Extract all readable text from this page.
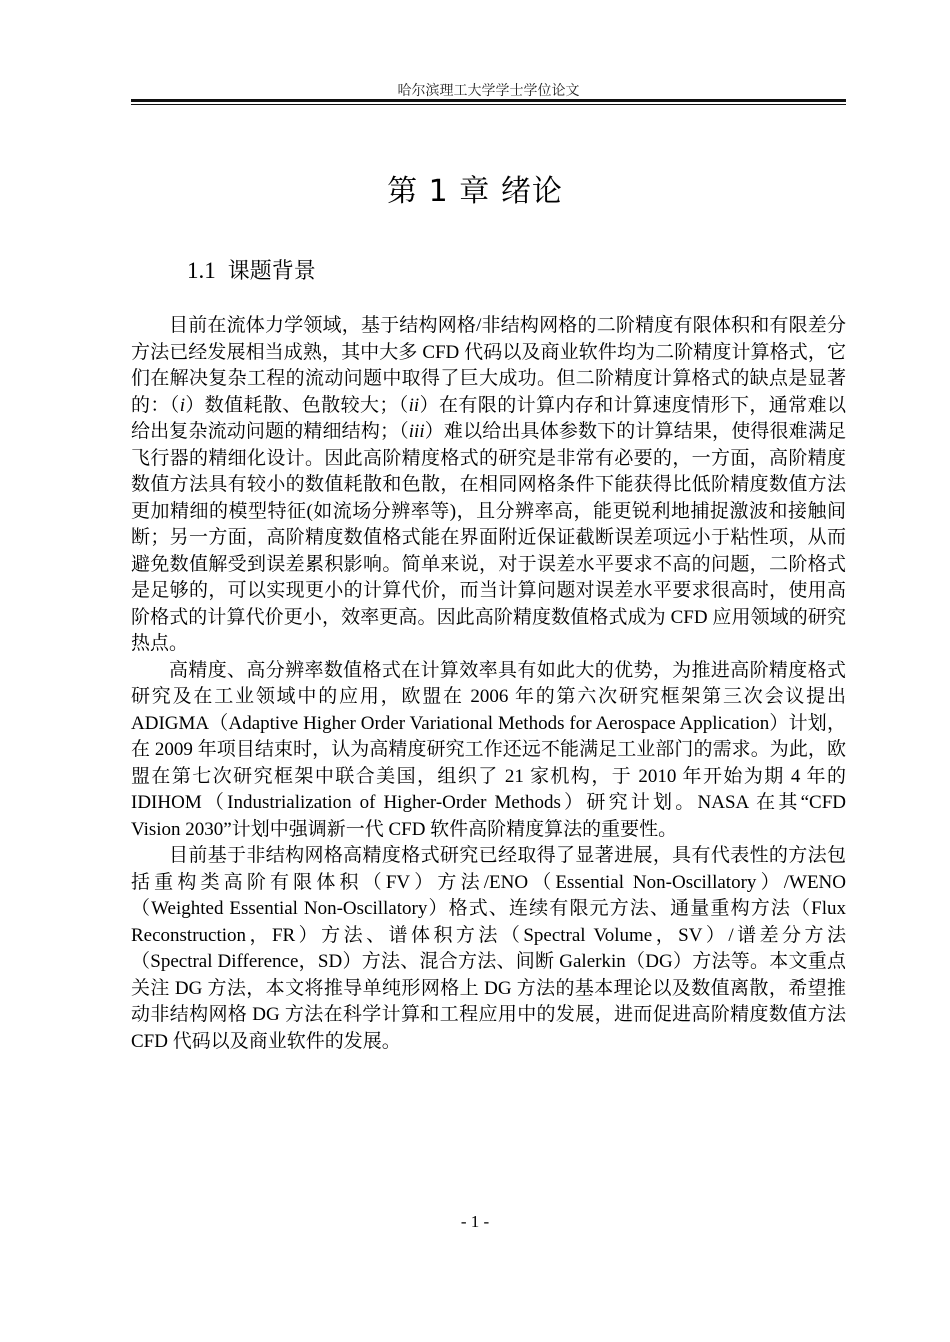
哈尔滨理工大学学士学位论文
第 1 章 绪论
1.1 课题背景

目前在流体力学领域，基于结构网格/非结构网格的二阶精度有限体积和有限差分方法已经发展相当成熟，其中大多 CFD 代码以及商业软件均为二阶精度计算格式，它们在解决复杂工程的流动问题中取得了巨大成功。但二阶精度计算格式的缺点是显著的：（i）数值耗散、色散较大；（ii）在有限的计算内存和计算速度情形下，通常难以给出复杂流动问题的精细结构；（iii）难以给出具体参数下的计算结果，使得很难满足飞行器的精细化设计。因此高阶精度格式的研究是非常有必要的，一方面，高阶精度数值方法具有较小的数值耗散和色散，在相同网格条件下能获得比低阶精度数值方法更加精细的模型特征(如流场分辨率等)，且分辨率高，能更锐利地捕捉激波和接触间断；另一方面，高阶精度数值格式能在界面附近保证截断误差项远小于粘性项，从而避免数值解受到误差累积影响。简单来说，对于误差水平要求不高的问题，二阶格式是足够的，可以实现更小的计算代价，而当计算问题对误差水平要求很高时，使用高阶格式的计算代价更小，效率更高。因此高阶精度数值格式成为 CFD 应用领域的研究热点。

高精度、高分辨率数值格式在计算效率具有如此大的优势，为推进高阶精度格式研究及在工业领域中的应用，欧盟在 2006 年的第六次研究框架第三次会议提出 ADIGMA（Adaptive Higher Order Variational Methods for Aerospace Application）计划，在 2009 年项目结束时，认为高精度研究工作还远不能满足工业部门的需求。为此，欧盟在第七次研究框架中联合美国，组织了 21 家机构，于 2010 年开始为期 4 年的 IDIHOM（Industrialization of Higher-Order Methods）研究计划。NASA 在其“CFD Vision 2030”计划中强调新一代 CFD 软件高阶精度算法的重要性。

目前基于非结构网格高精度格式研究已经取得了显著进展，具有代表性的方法包括重构类高阶有限体积（FV）方法/ENO（Essential Non-Oscillatory）/WENO（Weighted Essential Non-Oscillatory）格式、连续有限元方法、通量重构方法（Flux Reconstruction，FR）方法、谱体积方法（Spectral Volume，SV）/谱差分方法（Spectral Difference，SD）方法、混合方法、间断 Galerkin（DG）方法等。本文重点关注 DG 方法，本文将推导单纯形网格上 DG 方法的基本理论以及数值离散，希望推动非结构网格 DG 方法在科学计算和工程应用中的发展，进而促进高阶精度数值方法 CFD 代码以及商业软件的发展。

- 1 -
